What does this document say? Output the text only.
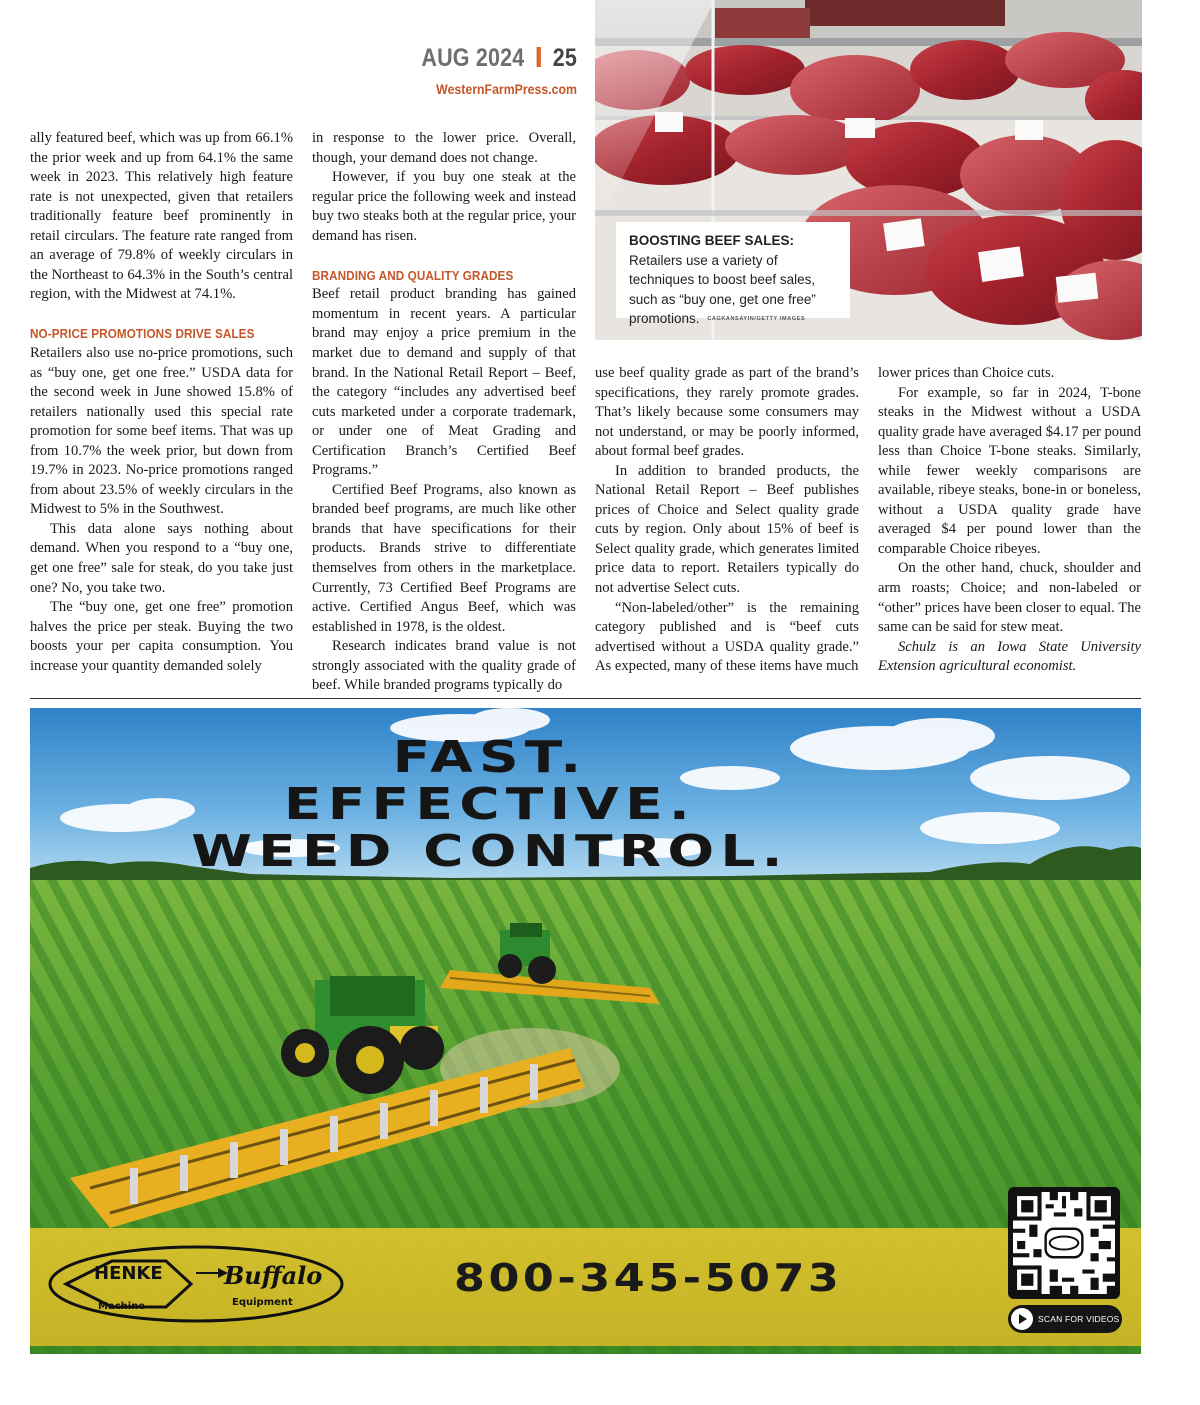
AUG 2024 25
WesternFarmPress.com
BOOSTING BEEF SALES: Retailers use a variety of techniques to boost beef sales, such as “buy one, get one free” promotions. CAGKANSAYIN/GETTY IMAGES

ally featured beef, which was up from 66.1% the prior week and up from 64.1% the same week in 2023. This relatively high feature rate is not unexpected, given that retailers traditionally feature beef prominently in retail circulars. The feature rate ranged from an average of 79.8% of weekly circulars in the Northeast to 64.3% in the South’s central region, with the Midwest at 74.1%.

NO-PRICE PROMOTIONS DRIVE SALES

Retailers also use no-price promotions, such as “buy one, get one free.” USDA data for the second week in June showed 15.8% of retailers nationally used this special rate promotion for some beef items. That was up from 10.7% the week prior, but down from 19.7% in 2023. No-price promotions ranged from about 23.5% of weekly circulars in the Midwest to 5% in the Southwest.

This data alone says nothing about demand. When you respond to a “buy one, get one free” sale for steak, do you take just one? No, you take two.

The “buy one, get one free” promotion halves the price per steak. Buying the two boosts your per capita consumption. You increase your quantity demanded solely

in response to the lower price. Overall, though, your demand does not change.

However, if you buy one steak at the regular price the following week and instead buy two steaks both at the regular price, your demand has risen.

BRANDING AND QUALITY GRADES

Beef retail product branding has gained momentum in recent years. A particular brand may enjoy a price premium in the market due to demand and supply of that brand. In the National Retail Report – Beef, the category “includes any advertised beef cuts marketed under a corporate trademark, or under one of Meat Grading and Certification Branch’s Certified Beef Programs.”

Certified Beef Programs, also known as branded beef programs, are much like other brands that have specifications for their products. Brands strive to differentiate themselves from others in the marketplace. Currently, 73 Certified Beef Programs are active. Certified Angus Beef, which was established in 1978, is the oldest.

Research indicates brand value is not strongly associated with the quality grade of beef. While branded programs typically do

use beef quality grade as part of the brand’s specifications, they rarely promote grades. That’s likely because some consumers may not understand, or may be poorly informed, about formal beef grades.

In addition to branded products, the National Retail Report – Beef publishes prices of Choice and Select quality grade cuts by region. Only about 15% of beef is Select quality grade, which generates limited price data to report. Retailers typically do not advertise Select cuts.

“Non-labeled/other” is the remaining category published and is “beef cuts advertised without a USDA quality grade.” As expected, many of these items have much

lower prices than Choice cuts.

For example, so far in 2024, T-bone steaks in the Midwest without a USDA quality grade have averaged $4.17 per pound less than Choice T-bone steaks. Similarly, while fewer weekly comparisons are available, ribeye steaks, bone-in or boneless, without a USDA quality grade have averaged $4 per pound lower than the comparable Choice ribeyes.

On the other hand, chuck, shoulder and arm roasts; Choice; and non-labeled or “other” prices have been closer to equal. The same can be said for stew meat.

Schulz is an Iowa State University Extension agricultural economist.

FAST.
EFFECTIVE.
WEED CONTROL.
HENKE
Machine
Buffalo
Equipment
800-345-5073
SCAN FOR VIDEOS
